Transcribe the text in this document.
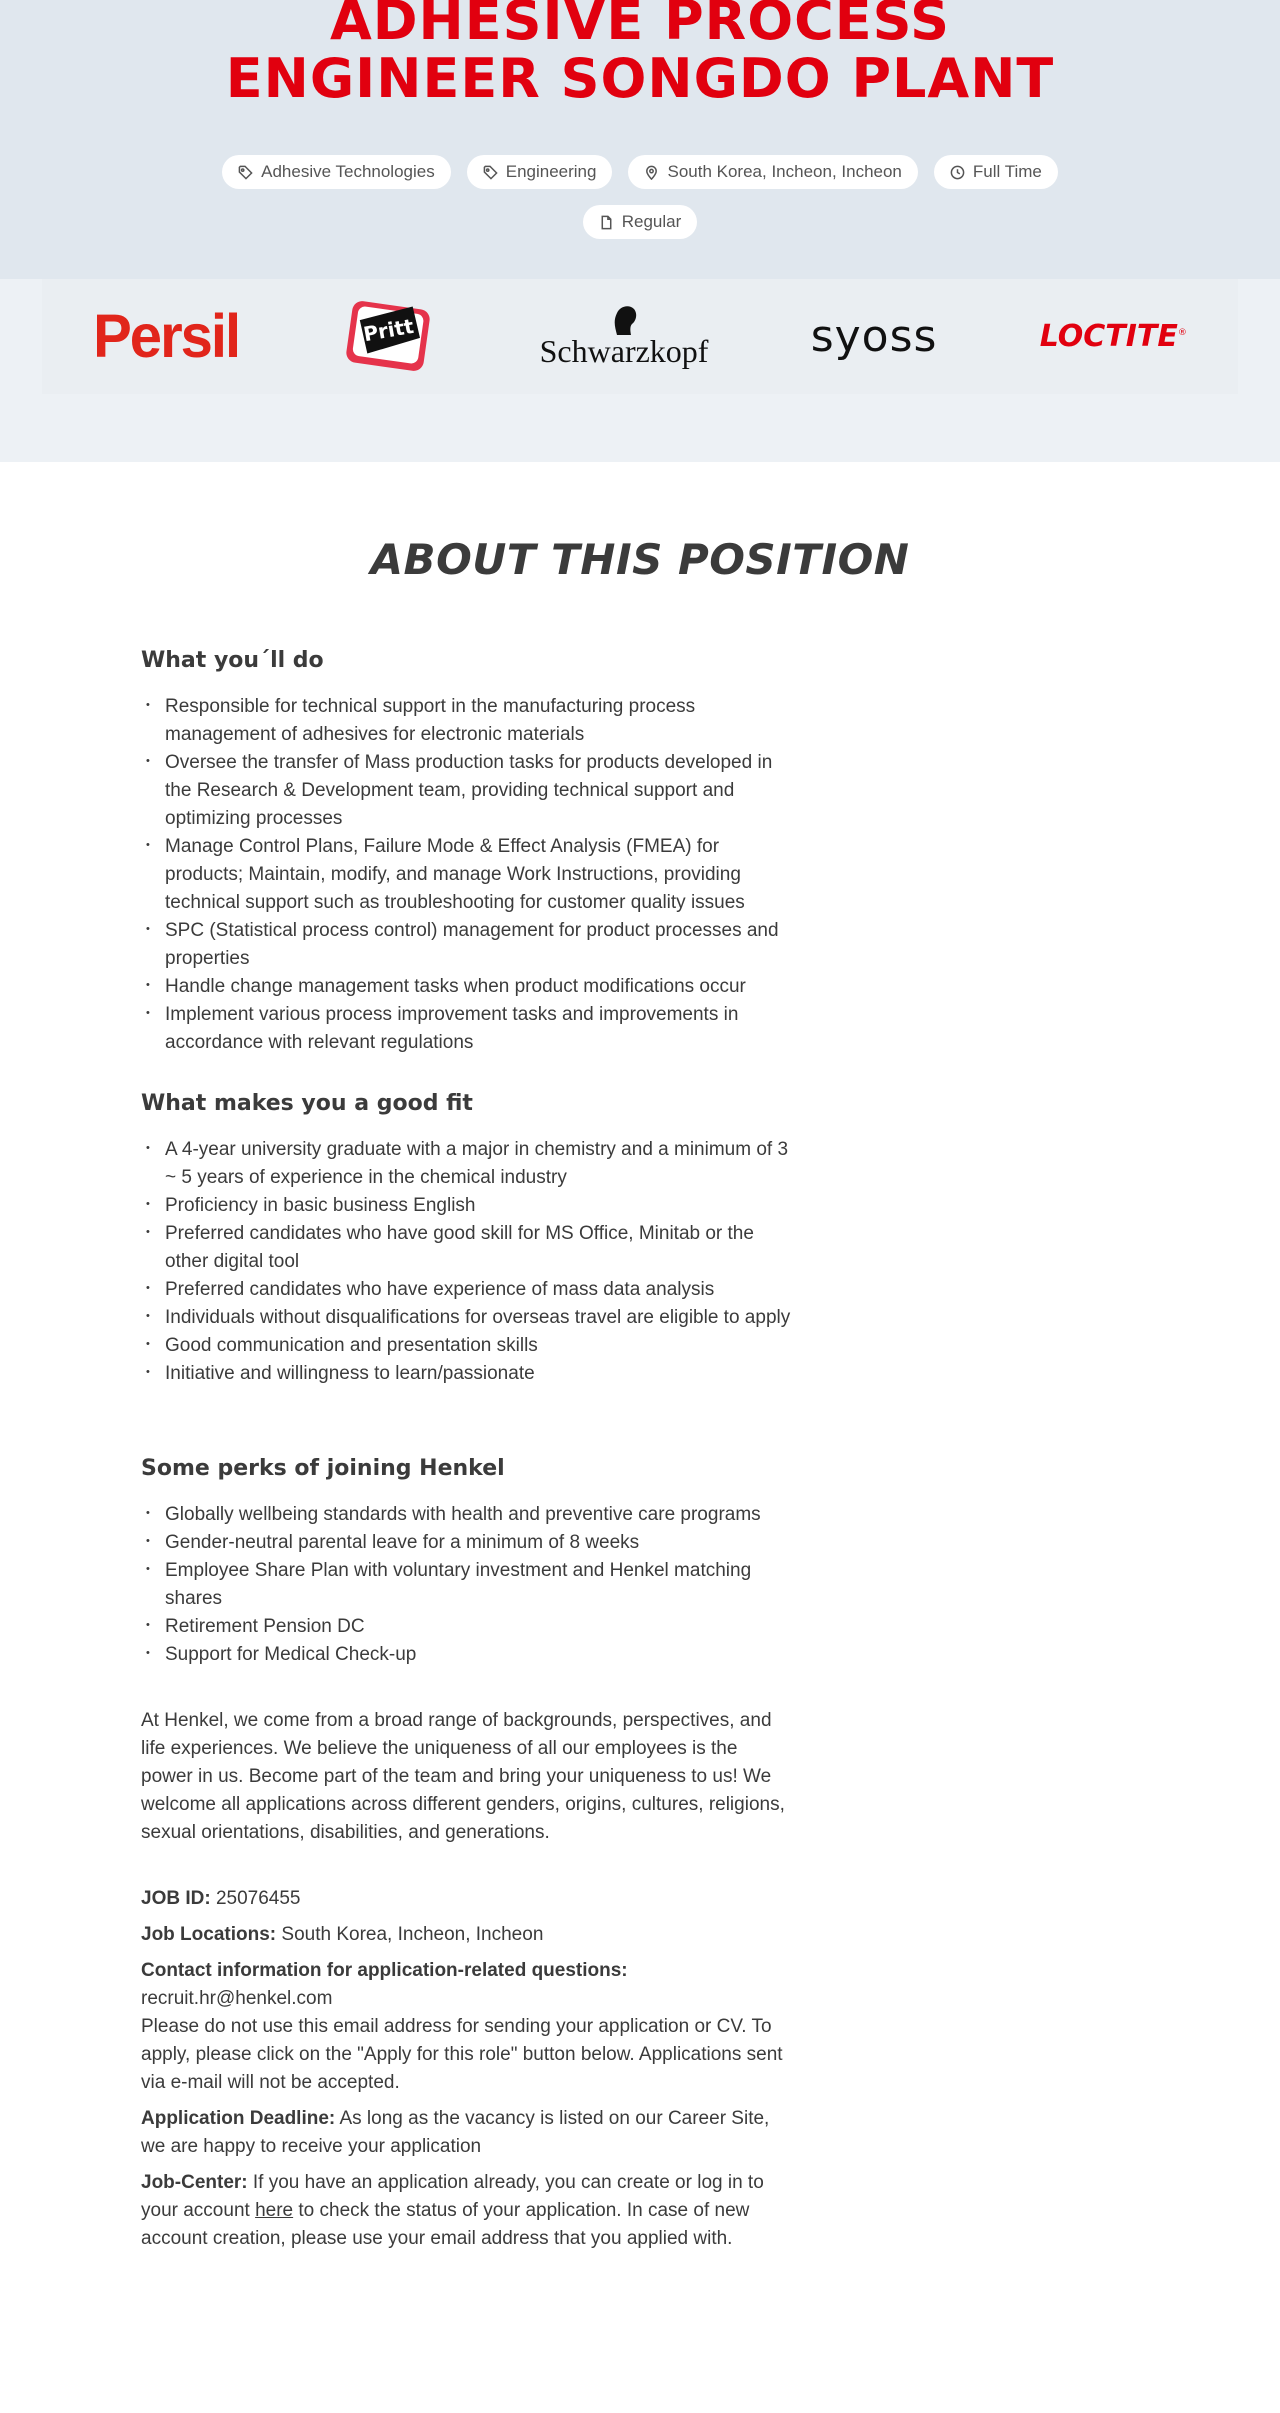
ADHESIVE PROCESS
ENGINEER SONGDO PLANT
Adhesive Technologies	Engineering	South Korea, Incheon, Incheon	Full Time
Regular
Persil	Pritt
Schwarzkopf syoss	LOCTITE®
ABOUT THIS POSITION
What you´ll do
• Responsible for technical support in the manufacturing process management of adhesives for electronic materials
• Oversee the transfer of Mass production tasks for products developed in the Research & Development team, providing technical support and optimizing processes
• Manage Control Plans, Failure Mode & Effect Analysis (FMEA) for products; Maintain, modify, and manage Work Instructions, providing technical support such as troubleshooting for customer quality issues
• SPC (Statistical process control) management for product processes and properties
• Handle change management tasks when product modifications occur
• Implement various process improvement tasks and improvements in accordance with relevant regulations
What makes you a good fit
• A 4-year university graduate with a major in chemistry and a minimum of 3 ~ 5 years of experience in the chemical industry
• Proficiency in basic business English
• Preferred candidates who have good skill for MS Office, Minitab or the other digital tool
• Preferred candidates who have experience of mass data analysis
• Individuals without disqualifications for overseas travel are eligible to apply
• Good communication and presentation skills
• Initiative and willingness to learn/passionate
Some perks of joining Henkel
• Globally wellbeing standards with health and preventive care programs
• Gender-neutral parental leave for a minimum of 8 weeks
• Employee Share Plan with voluntary investment and Henkel matching shares
• Retirement Pension DC
• Support for Medical Check-up

At Henkel, we come from a broad range of backgrounds, perspectives, and life experiences. We believe the uniqueness of all our employees is the power in us. Become part of the team and bring your uniqueness to us! We welcome all applications across different genders, origins, cultures, religions, sexual orientations, disabilities, and generations.

JOB ID: 25076455

Job Locations: South Korea, Incheon, Incheon

Contact information for application-related questions:
recruit.hr@henkel.com
Please do not use this email address for sending your application or CV. To apply, please click on the "Apply for this role" button below. Applications sent via e-mail will not be accepted.

Application Deadline: As long as the vacancy is listed on our Career Site, we are happy to receive your application

Job-Center: If you have an application already, you can create or log in to your account here to check the status of your application. In case of new account creation, please use your email address that you applied with.
